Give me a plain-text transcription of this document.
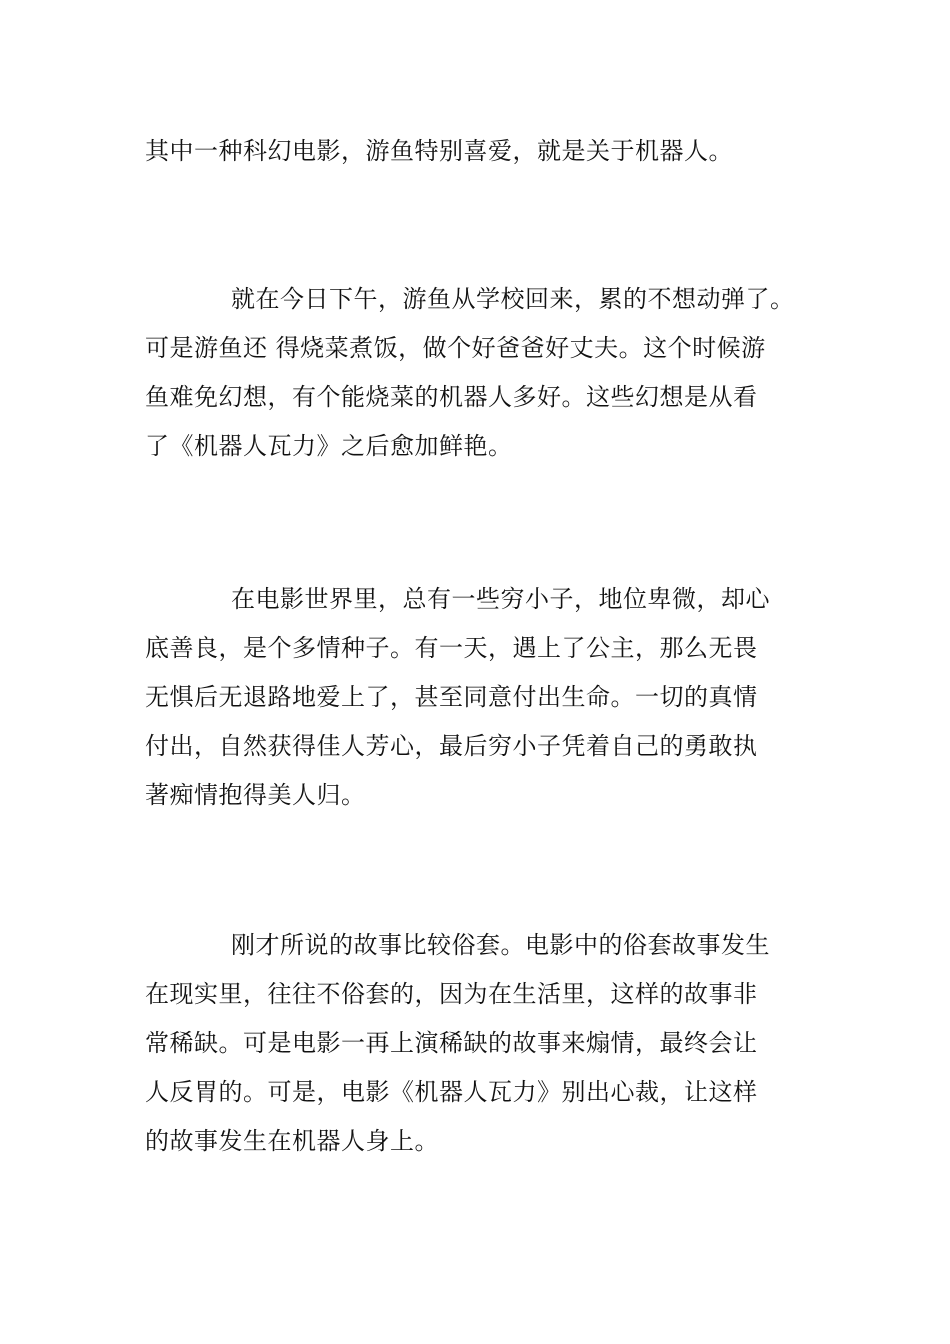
其中一种科幻电影，游鱼特别喜爱，就是关于机器人。

就在今日下午，游鱼从学校回来，累的不想动弹了。
可是游鱼还 得烧菜煮饭，做个好爸爸好丈夫。这个时候游
鱼难免幻想，有个能烧菜的机器人多好。这些幻想是从看
了《机器人瓦力》之后愈加鲜艳。

在电影世界里，总有一些穷小子，地位卑微，却心
底善良，是个多情种子。有一天，遇上了公主，那么无畏
无惧后无退路地爱上了，甚至同意付出生命。一切的真情
付出，自然获得佳人芳心，最后穷小子凭着自己的勇敢执
著痴情抱得美人归。

刚才所说的故事比较俗套。电影中的俗套故事发生
在现实里，往往不俗套的，因为在生活里，这样的故事非
常稀缺。可是电影一再上演稀缺的故事来煽情，最终会让
人反胃的。可是，电影《机器人瓦力》别出心裁，让这样
的故事发生在机器人身上。
